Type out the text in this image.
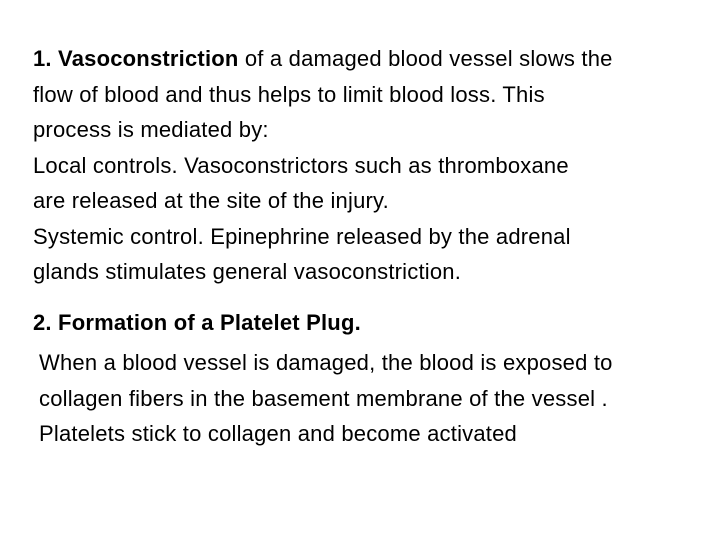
1. Vasoconstriction of a damaged blood vessel slows the
flow of blood and thus helps to limit blood loss. This
process is mediated by:
Local controls. Vasoconstrictors such as thromboxane
are released at the site of the injury.
Systemic control. Epinephrine released by the adrenal
glands stimulates general vasoconstriction.
2. Formation of a Platelet Plug.
When a blood vessel is damaged, the blood is exposed to
collagen fibers in the basement membrane of the vessel .
Platelets stick to collagen and become activated
